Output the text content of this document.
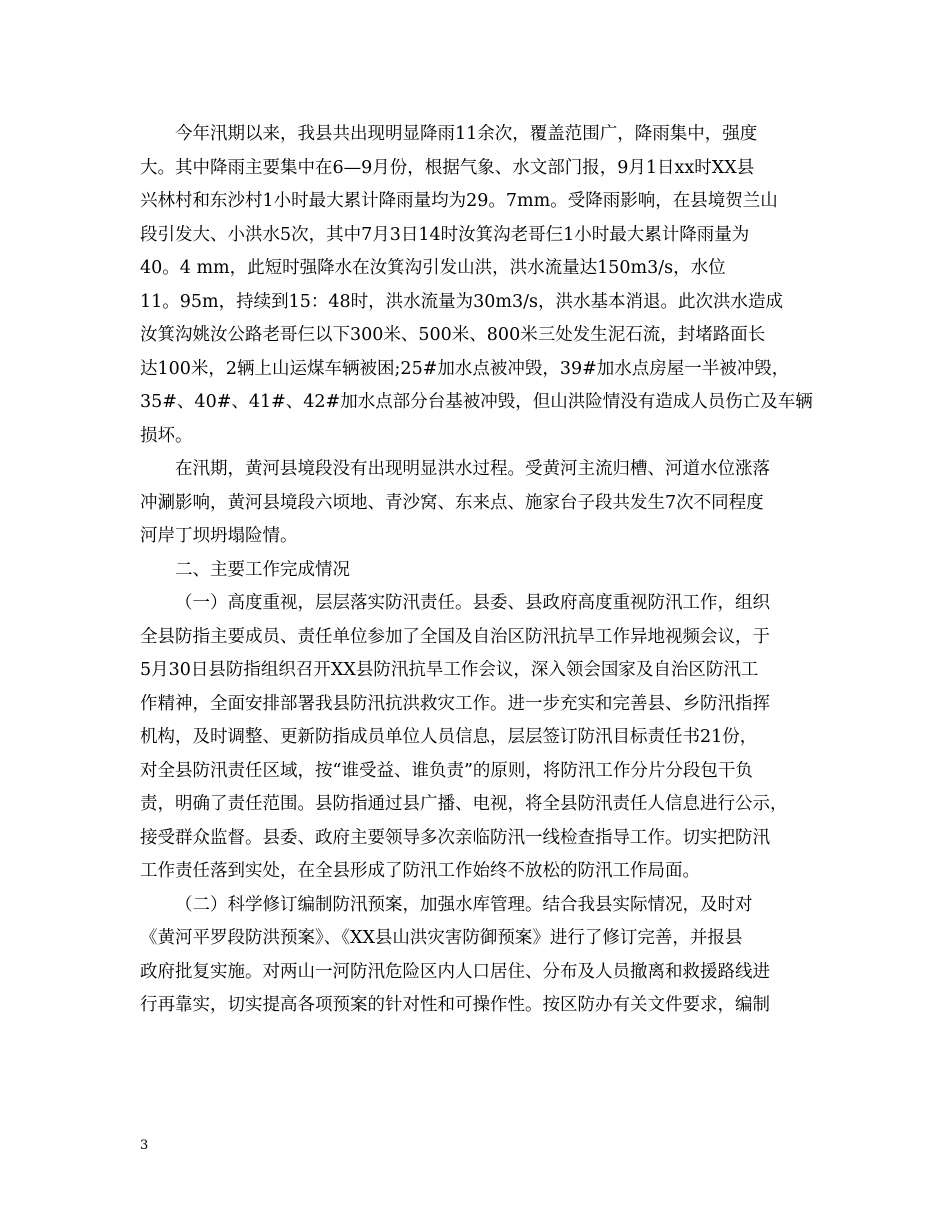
今年汛期以来，我县共出现明显降雨11余次，覆盖范围广，降雨集中，强度
大。其中降雨主要集中在6—9月份，根据气象、水文部门报，9月1日xx时XX县
兴林村和东沙村1小时最大累计降雨量均为29。7mm。受降雨影响，在县境贺兰山
段引发大、小洪水5次，其中7月3日14时汝箕沟老哥仨1小时最大累计降雨量为
40。4 mm，此短时强降水在汝箕沟引发山洪，洪水流量达150m3/s，水位
11。95m，持续到15：48时，洪水流量为30m3/s，洪水基本消退。此次洪水造成
汝箕沟姚汝公路老哥仨以下300米、500米、800米三处发生泥石流，封堵路面长
达100米，2辆上山运煤车辆被困;25#加水点被冲毁，39#加水点房屋一半被冲毁，
35#、40#、41#、42#加水点部分台基被冲毁，但山洪险情没有造成人员伤亡及车辆
损坏。
在汛期，黄河县境段没有出现明显洪水过程。受黄河主流归槽、河道水位涨落
冲涮影响，黄河县境段六顷地、青沙窝、东来点、施家台子段共发生7次不同程度
河岸丁坝坍塌险情。
二、主要工作完成情况
（一）高度重视，层层落实防汛责任。县委、县政府高度重视防汛工作，组织
全县防指主要成员、责任单位参加了全国及自治区防汛抗旱工作异地视频会议，于
5月30日县防指组织召开XX县防汛抗旱工作会议，深入领会国家及自治区防汛工
作精神，全面安排部署我县防汛抗洪救灾工作。进一步充实和完善县、乡防汛指挥
机构，及时调整、更新防指成员单位人员信息，层层签订防汛目标责任书21份，
对全县防汛责任区域，按“谁受益、谁负责”的原则，将防汛工作分片分段包干负
责，明确了责任范围。县防指通过县广播、电视，将全县防汛责任人信息进行公示，
接受群众监督。县委、政府主要领导多次亲临防汛一线检查指导工作。切实把防汛
工作责任落到实处，在全县形成了防汛工作始终不放松的防汛工作局面。
（二）科学修订编制防汛预案，加强水库管理。结合我县实际情况，及时对
《黄河平罗段防洪预案》、《XX县山洪灾害防御预案》进行了修订完善，并报县
政府批复实施。对两山一河防汛危险区内人口居住、分布及人员撤离和救援路线进
行再靠实，切实提高各项预案的针对性和可操作性。按区防办有关文件要求，编制
3
